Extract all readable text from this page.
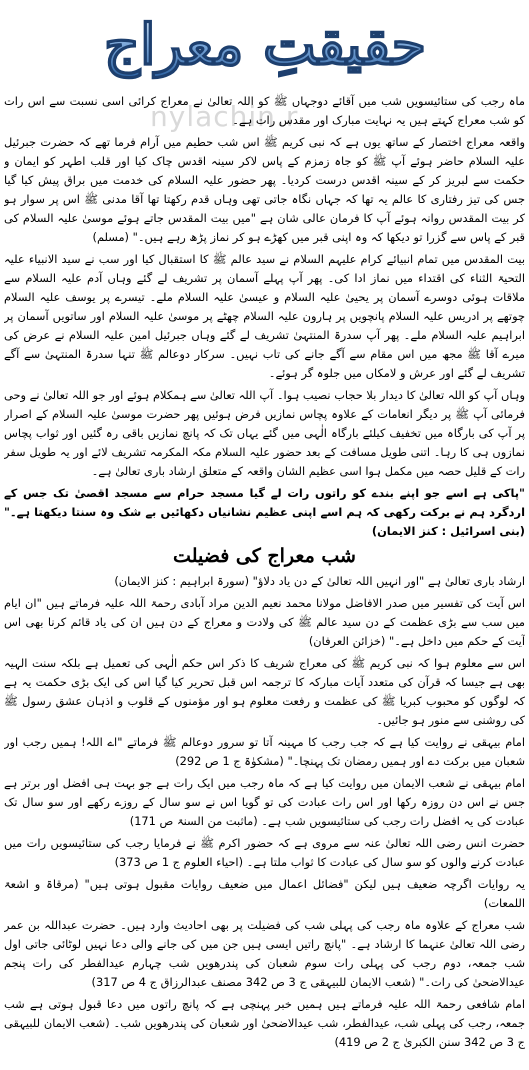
حقیقتِ معراج
nylachin.r

ماہ رجب کی ستائیسویں شب میں آقائے دوجہاں ﷺ کو اللہ تعالیٰ نے معراج کرائی اسی نسبت سے اس رات کو شب معراج کہتے ہیں یہ نہایت مبارک اور مقدس رات ہے۔

واقعہ معراج اختصار کے ساتھ یوں ہے کہ نبی کریم ﷺ اس شب حطیم میں آرام فرما تھے کہ حضرت جبرئیل علیہ السلام حاضر ہوئے آپ ﷺ کو جاہ زمزم کے پاس لاکر سینہ اقدس چاک کیا اور قلب اطہر کو ایمان و حکمت سے لبریز کر کے سینہ اقدس درست کردیا۔ پھر حضور علیہ السلام کی خدمت میں براق پیش کیا گیا جس کی تیز رفتاری کا عالم یہ تھا کہ جہاں نگاہ جاتی تھی وہاں قدم رکھتا تھا آقا مدنی ﷺ اس پر سوار ہو کر بیت المقدس روانہ ہوئے آپ کا فرمان عالی شان ہے "میں بیت المقدس جاتے ہوئے موسیٰ علیہ السلام کی قبر کے پاس سے گزرا تو دیکھا کہ وہ اپنی قبر میں کھڑے ہو کر نماز پڑھ رہے ہیں۔" (مسلم)

بیت المقدس میں تمام انبیائے کرام علیہم السلام نے سید عالم ﷺ کا استقبال کیا اور سب نے سید الانبیاء علیہ التحیۃ الثناء کی اقتداء میں نماز ادا کی۔ پھر آپ پہلے آسمان پر تشریف لے گئے وہاں آدم علیہ السلام سے ملاقات ہوئی دوسرے آسمان پر یحییٰ علیہ السلام و عیسیٰ علیہ السلام ملے۔ تیسرے پر یوسف علیہ السلام چوتھے پر ادریس علیہ السلام پانچویں پر ہارون علیہ السلام چھٹے پر موسیٰ علیہ السلام اور ساتویں آسمان پر ابراہیم علیہ السلام ملے۔ پھر آپ سدرۃ المنتہیٰ تشریف لے گئے وہاں جبرئیل امین علیہ السلام نے عرض کی میرے آقا ﷺ مجھ میں اس مقام سے آگے جانے کی تاب نہیں۔ سرکار دوعالم ﷺ تنہا سدرۃ المنتہیٰ سے آگے تشریف لے گئے اور عرش و لامکاں میں جلوہ گر ہوئے۔

وہاں آپ کو اللہ تعالیٰ کا دیدار بلا حجاب نصیب ہوا۔ آپ اللہ تعالیٰ سے ہمکلام ہوئے اور جو اللہ تعالیٰ نے وحی فرمائی آپ ﷺ پر دیگر انعامات کے علاوہ پچاس نمازیں فرض ہوئیں پھر حضرت موسیٰ علیہ السلام کے اصرار پر آپ کی بارگاہ میں تخفیف کیلئے بارگاہ الٰہی میں گئے یہاں تک کہ پانچ نمازیں باقی رہ گئیں اور ثواب پچاس نمازوں ہی کا رہا۔ اتنی طویل مسافت کے بعد حضور علیہ السلام مکہ المکرمہ تشریف لائے اور یہ طویل سفر رات کے قلیل حصہ میں مکمل ہوا اسی عظیم الشان واقعہ کے متعلق ارشاد باری تعالیٰ ہے۔

"پاکی ہے اسے جو اپنے بندے کو راتوں رات لے گیا مسجد حرام سے مسجد اقصیٰ تک جس کے اردگرد ہم نے برکت رکھی کہ ہم اسے اپنی عظیم نشانیاں دکھائیں بے شک وہ سنتا دیکھتا ہے۔" (بنی اسرائیل : کنز الایمان)

شب معراج کی فضیلت

ارشاد باری تعالیٰ ہے "اور انہیں اللہ تعالیٰ کے دن یاد دلاؤ" (سورۃ ابراہیم : کنز الایمان)

اس آیت کی تفسیر میں صدر الافاضل مولانا محمد نعیم الدین مراد آبادی رحمۃ اللہ علیہ فرماتے ہیں "ان ایام میں سب سے بڑی عظمت کے دن سید عالم ﷺ کی ولادت و معراج کے دن ہیں ان کی یاد قائم کرنا بھی اس آیت کے حکم میں داخل ہے۔" (خزائن العرفان)

اس سے معلوم ہوا کہ نبی کریم ﷺ کی معراج شریف کا ذکر اس حکم الٰہی کی تعمیل ہے بلکہ سنت الہیہ بھی ہے جیسا کہ قرآن کی متعدد آیات مبارکہ کا ترجمہ اس قبل تحریر کیا گیا اس کی ایک بڑی حکمت یہ ہے کہ لوگوں کو محبوب کبریا ﷺ کی عظمت و رفعت معلوم ہو اور مؤمنوں کے قلوب و اذہان عشق رسول ﷺ کی روشنی سے منور ہو جائیں۔

امام بیہقی نے روایت کیا ہے کہ جب رجب کا مہینہ آتا تو سرور دوعالم ﷺ فرماتے "اے اللہ! ہمیں رجب اور شعبان میں برکت دے اور ہمیں رمضان تک پہنچا۔" (مشکوٰۃ ج 1 ص 292)

امام بیہقی نے شعب الایمان میں روایت کیا ہے کہ ماہ رجب میں ایک رات ہے جو بہت ہی افضل اور برتر ہے جس نے اس دن روزہ رکھا اور اس رات عبادت کی تو گویا اس نے سو سال کے روزے رکھے اور سو سال تک عبادت کی یہ افضل رات رجب کی ستائیسویں شب ہے۔ (ماثبت من السنۃ ص 171)

حضرت انس رضی اللہ تعالیٰ عنہ سے مروی ہے کہ حضور اکرم ﷺ نے فرمایا رجب کی ستائیسویں رات میں عبادت کرنے والوں کو سو سال کی عبادت کا ثواب ملتا ہے۔ (احیاء العلوم ج 1 ص 373)

یہ روایات اگرچہ ضعیف ہیں لیکن "فضائل اعمال میں ضعیف روایات مقبول ہوتی ہیں" (مرقاۃ و اشعۃ اللمعات)

شب معراج کے علاوہ ماہ رجب کی پہلی شب کی فضیلت پر بھی احادیث وارد ہیں۔ حضرت عبداللہ بن عمر رضی اللہ تعالیٰ عنہما کا ارشاد ہے۔ "پانچ راتیں ایسی ہیں جن میں کی جانے والی دعا نہیں لوٹائی جاتی اول شب جمعہ، دوم رجب کی پہلی رات سوم شعبان کی پندرھویں شب چہارم عیدالفطر کی رات پنجم عیدالاضحیٰ کی رات۔" (شعب الایمان للبیہقی ج 3 ص 342 مصنف عبدالرزاق ج 4 ص 317)

امام شافعی رحمۃ اللہ علیہ فرماتے ہیں ہمیں خبر پہنچی ہے کہ پانچ راتوں میں دعا قبول ہوتی ہے شب جمعہ، رجب کی پہلی شب، عیدالفطر، شب عیدالاضحیٰ اور شعبان کی پندرھویں شب۔ (شعب الایمان للبیہقی ج 3 ص 342 سنن الکبریٰ ج 2 ص 419)
